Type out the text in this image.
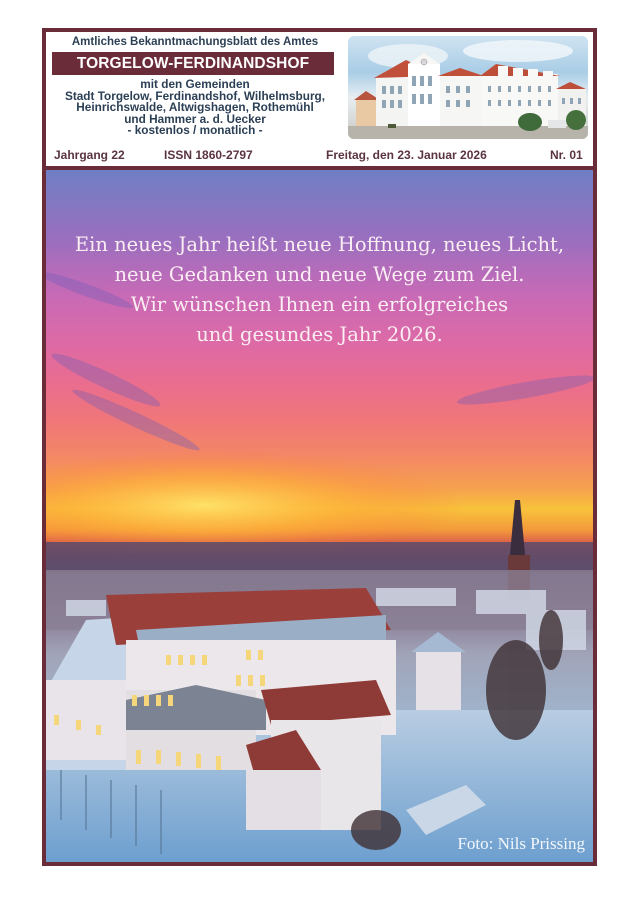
Amtliches Bekanntmachungsblatt des Amtes
TORGELOW-FERDINANDSHOF
mit den Gemeinden
Stadt Torgelow, Ferdinandshof, Wilhelmsburg,
Heinrichswalde, Altwigshagen, Rothemühl
und Hammer a. d. Uecker
- kostenlos / monatlich -
Jahrgang 22	ISSN 1860-2797	Freitag, den 23. Januar 2026	Nr. 01
Ein neues Jahr heißt neue Hoffnung, neues Licht,
neue Gedanken und neue Wege zum Ziel.
Wir wünschen Ihnen ein erfolgreiches
und gesundes Jahr 2026.
Foto: Nils Prissing
